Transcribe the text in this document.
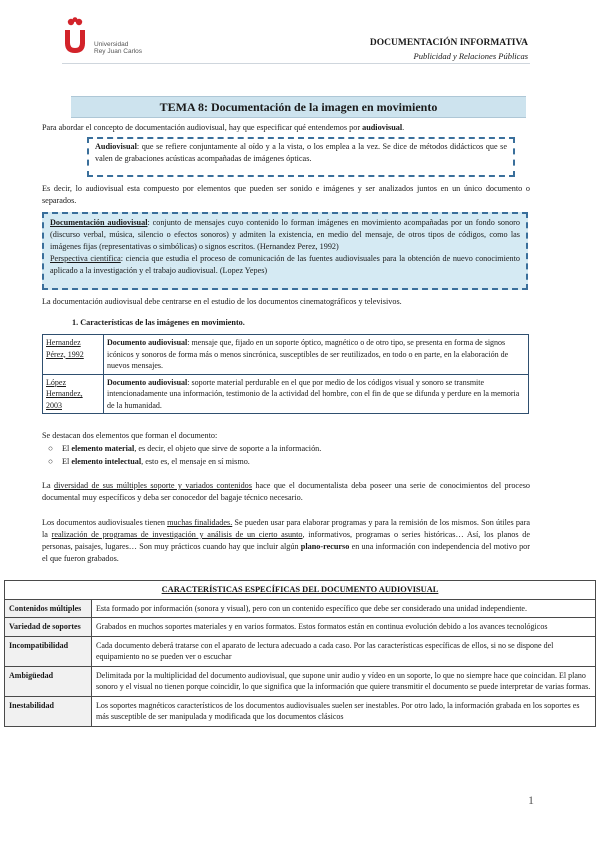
Universidad
Rey Juan Carlos
DOCUMENTACIÓN INFORMATIVA
Publicidad y Relaciones Públicas
TEMA 8: Documentación de la imagen en movimiento
Para abordar el concepto de documentación audiovisual, hay que especificar qué entendemos por audiovisual.
Audiovisual: que se refiere conjuntamente al oído y a la vista, o los emplea a la vez. Se dice de métodos didácticos que se valen de grabaciones acústicas acompañadas de imágenes ópticas.
Es decir, lo audiovisual esta compuesto por elementos que pueden ser sonido e imágenes y ser analizados juntos en un único documento o separados.
Documentación audiovisual: conjunto de mensajes cuyo contenido lo forman imágenes en movimiento acompañadas por un fondo sonoro (discurso verbal, música, silencio o efectos sonoros) y admiten la existencia, en medio del mensaje, de otros tipos de códigos, como las imágenes fijas (representativas o simbólicas) o signos escritos. (Hernandez Perez, 1992)
Perspectiva científica: ciencia que estudia el proceso de comunicación de las fuentes audiovisuales para la obtención de nuevo conocimiento aplicado a la investigación y el trabajo audiovisual. (Lopez Yepes)
La documentación audiovisual debe centrarse en el estudio de los documentos cinematográficos y televisivos.
1. Características de las imágenes en movimiento.
Hernandez Pérez, 1992	Documento audiovisual: mensaje que, fijado en un soporte óptico, magnético o de otro tipo, se presenta en forma de signos icónicos y sonoros de forma más o menos sincrónica, susceptibles de ser reutilizados, en todo o en parte, en la elaboración de nuevos mensajes.
López Hernandez, 2003	Documento audiovisual: soporte material perdurable en el que por medio de los códigos visual y sonoro se transmite intencionadamente una información, testimonio de la actividad del hombre, con el fin de que se difunda y perdure en la memoria de la humanidad.
Se destacan dos elementos que forman el documento:
○ El elemento material, es decir, el objeto que sirve de soporte a la información.
○ El elemento intelectual, esto es, el mensaje en sí mismo.
La diversidad de sus múltiples soporte y variados contenidos hace que el documentalista deba poseer una serie de conocimientos del proceso documental muy específicos y deba ser conocedor del bagaje técnico necesario.
Los documentos audiovisuales tienen muchas finalidades. Se pueden usar para elaborar programas y para la remisión de los mismos. Son útiles para la realización de programas de investigación y análisis de un cierto asunto, informativos, programas o series históricas… Así, los planos de personas, paisajes, lugares… Son muy prácticos cuando hay que incluir algún plano-recurso en una información con independencia del motivo por el que fueron grabados.
CARACTERÍSTICAS ESPECÍFICAS DEL DOCUMENTO AUDIOVISUAL	
Contenidos múltiples	Esta formado por información (sonora y visual), pero con un contenido específico que debe ser considerado una unidad independiente.
Variedad de soportes	Grabados en muchos soportes materiales y en varios formatos. Estos formatos están en continua evolución debido a los avances tecnológicos
Incompatibilidad	Cada documento deberá tratarse con el aparato de lectura adecuado a cada caso. Por las características específicas de ellos, si no se dispone del equipamiento no se pueden ver o escuchar
Ambigüedad	Delimitada por la multiplicidad del documento audiovisual, que supone unir audio y vídeo en un soporte, lo que no siempre hace que coincidan. El plano sonoro y el visual no tienen porque coincidir, lo que significa que la información que quiere transmitir el documento se puede interpretar de varias formas.
Inestabilidad	Los soportes magnéticos característicos de los documentos audiovisuales suelen ser inestables. Por otro lado, la información grabada en los soportes es más susceptible de ser manipulada y modificada que los documentos clásicos
1
